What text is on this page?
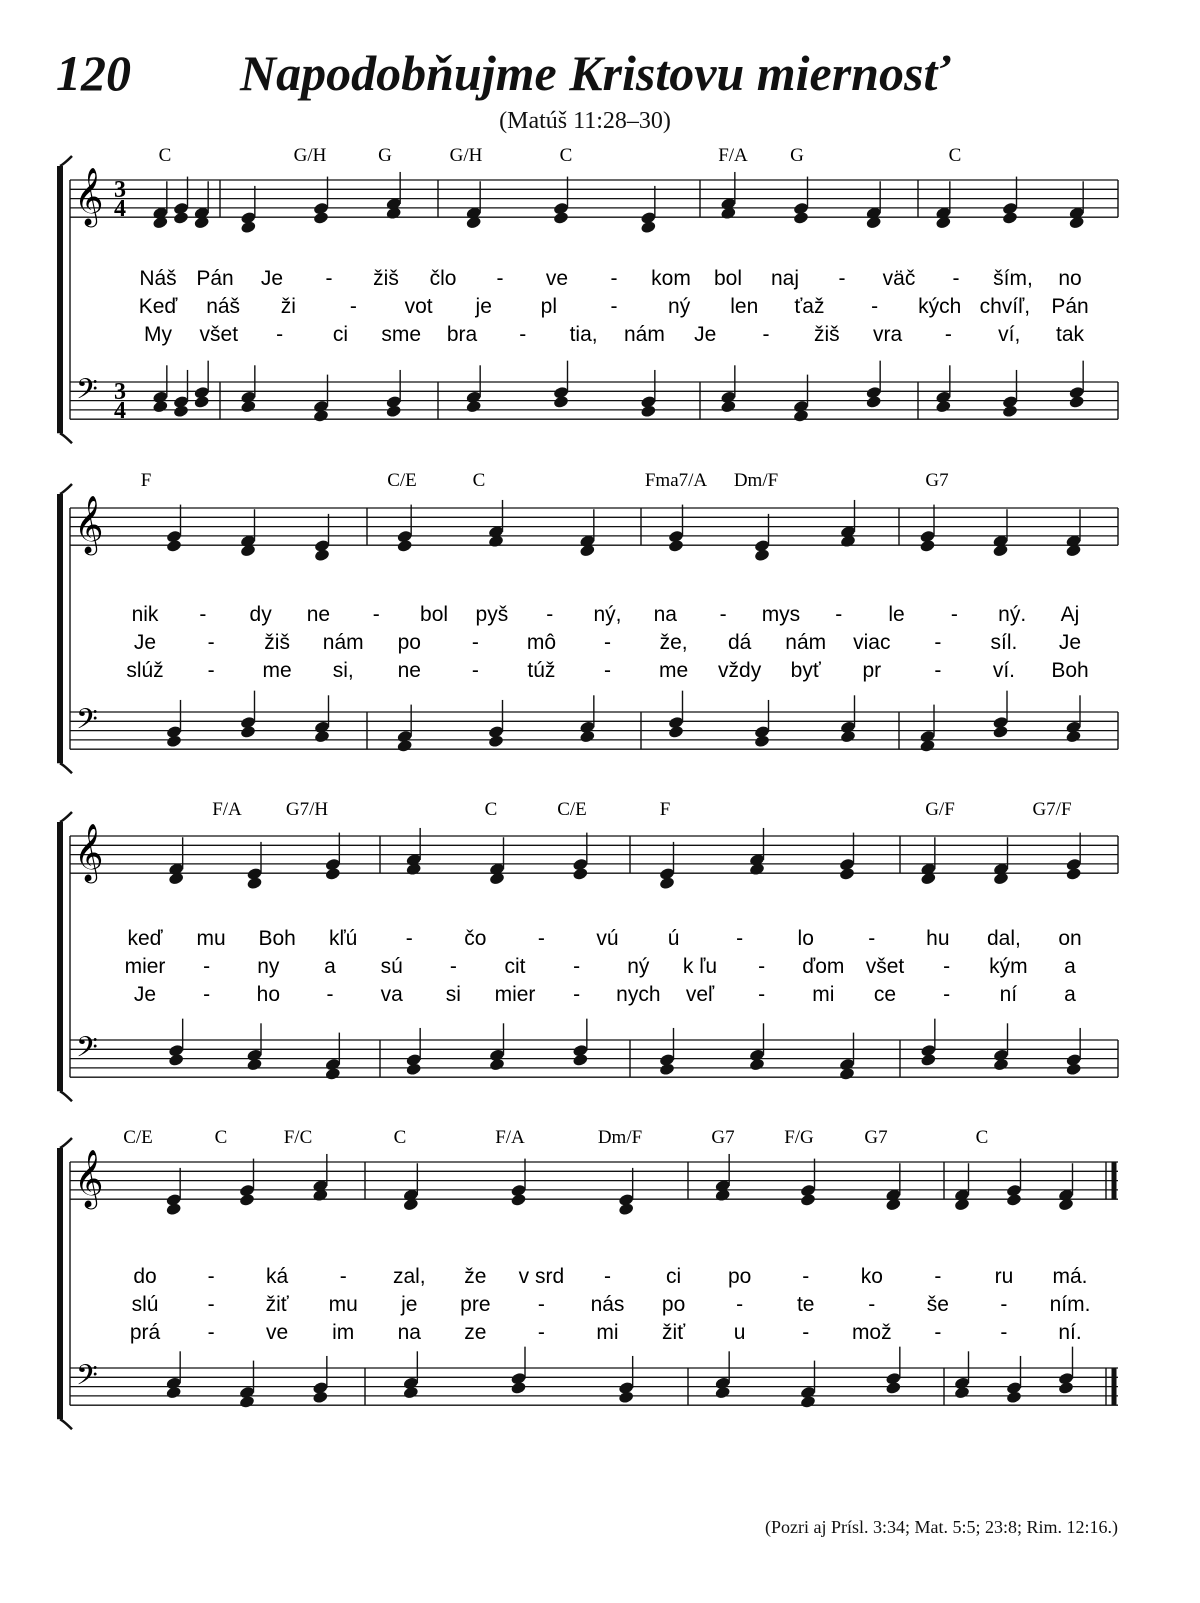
120 Napodobňujme Kristovu miernosť
(Matúš 11:28–30)
𝄞
𝄢
3
4
3
4
C	G/H	G	G/H	C	F/A G	C
Náš Pán Je - žiš člo - ve - kom bol naj - väč - ším, no
Keď náš ži	- vot je pl	- ný len ťaž - kých chvíľ, Pán
My všet - ci sme bra - tia, nám Je - žiš vra - ví, tak
𝄞
𝄢
F	C/E	C	Fma7/A Dm/F	G7
nik - dy ne - bol pyš - ný, na - mys - le - ný. Aj
Je - žiš nám po - mô - že, dá nám viac - síl. Je
slúž - me si, ne - túž - me vždy byť pr	- ví. Boh
𝄞
𝄢
F/A G7/H	C	C/E	F	G/F	G7/F
keď mu Boh kľú - čo - vú ú	-	lo	- hu dal, on
mier - ny a sú - cit - ný k ľu - ďom všet - kým a
Je - ho - va si mier - nych veľ - mi ce - ní a
𝄞
𝄢
C/E	C	F/C	C	F/A	Dm/F	G7	F/G	G7	C
do - ká - zal, že v srd -	ci po - ko -	ru má.
slú - žiť mu je pre - nás po -	te	- še - ním.
prá - ve im na ze - mi žiť u	- mož -	- ní.
(Pozri aj Prísl. 3:34; Mat. 5:5; 23:8; Rim. 12:16.)
